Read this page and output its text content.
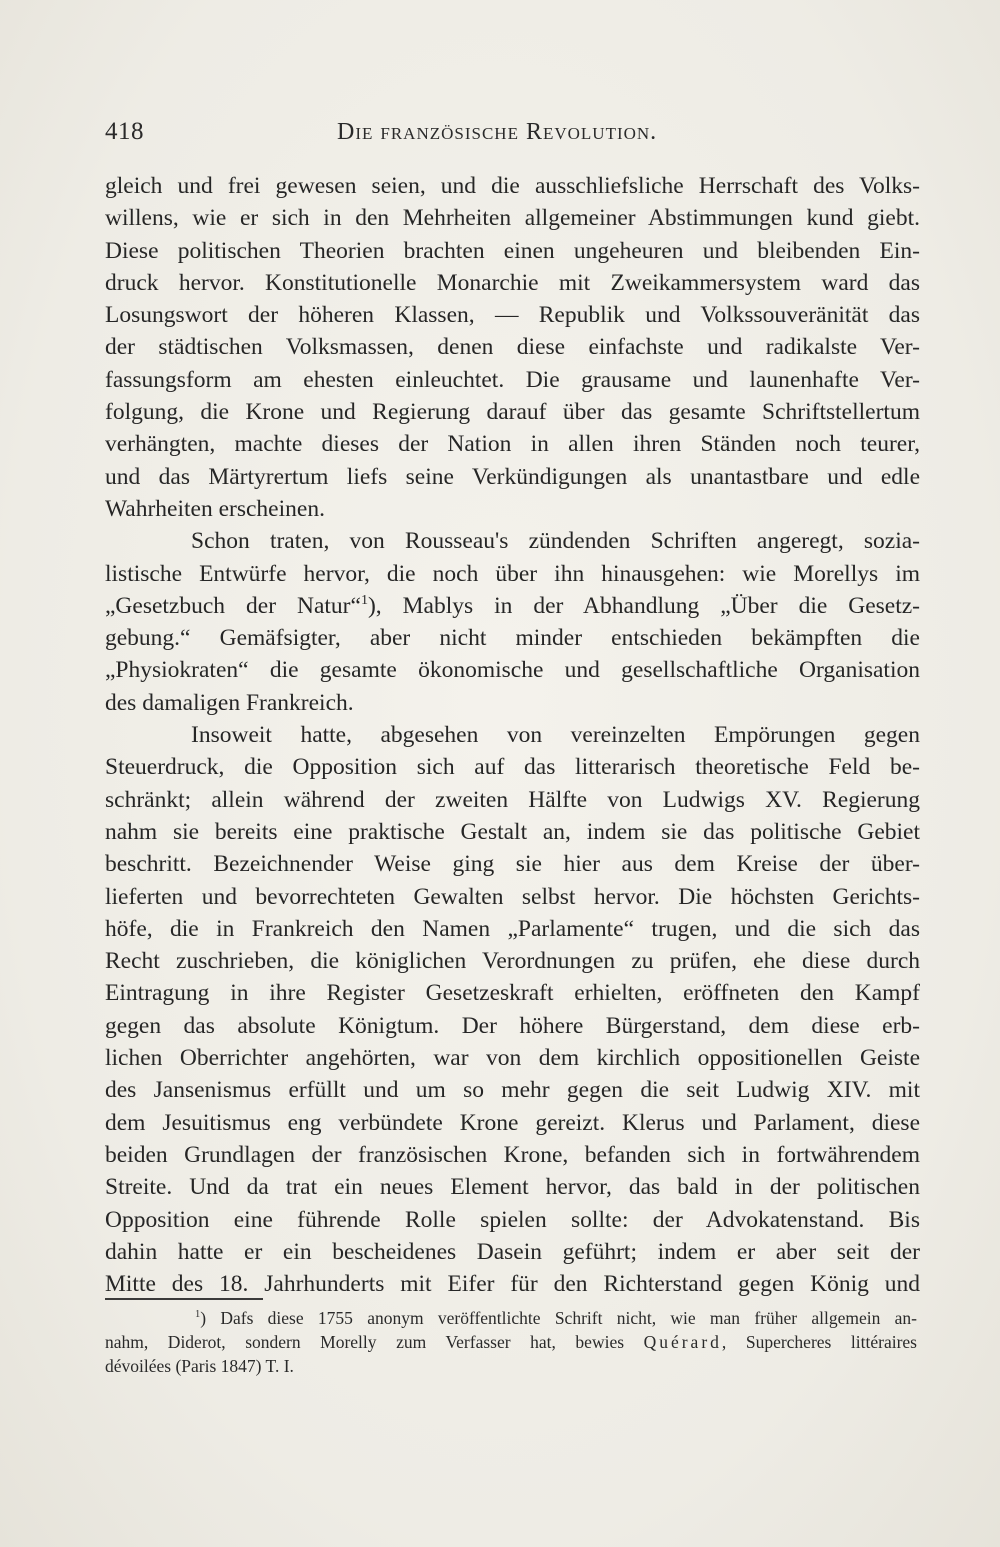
418	Die französische Revolution.
gleich und frei gewesen seien, und die ausschliefsliche Herrschaft des Volks-
willens, wie er sich in den Mehrheiten allgemeiner Abstimmungen kund giebt.
Diese politischen Theorien brachten einen ungeheuren und bleibenden Ein-
druck hervor. Konstitutionelle Monarchie mit Zweikammersystem ward das
Losungswort der höheren Klassen, — Republik und Volkssouveränität das
der städtischen Volksmassen, denen diese einfachste und radikalste Ver-
fassungsform am ehesten einleuchtet. Die grausame und launenhafte Ver-
folgung, die Krone und Regierung darauf über das gesamte Schriftstellertum
verhängten, machte dieses der Nation in allen ihren Ständen noch teurer,
und das Märtyrertum liefs seine Verkündigungen als unantastbare und edle
Wahrheiten erscheinen.
Schon traten, von Rousseau's zündenden Schriften angeregt, sozia-
listische Entwürfe hervor, die noch über ihn hinausgehen: wie Morellys im
„Gesetzbuch der Natur“$^1$), Mablys in der Abhandlung „Über die Gesetz-
gebung.“ Gemäfsigter, aber nicht minder entschieden bekämpften die
„Physiokraten“ die gesamte ökonomische und gesellschaftliche Organisation
des damaligen Frankreich.
Insoweit hatte, abgesehen von vereinzelten Empörungen gegen
Steuerdruck, die Opposition sich auf das litterarisch theoretische Feld be-
schränkt; allein während der zweiten Hälfte von Ludwigs XV. Regierung
nahm sie bereits eine praktische Gestalt an, indem sie das politische Gebiet
beschritt. Bezeichnender Weise ging sie hier aus dem Kreise der über-
lieferten und bevorrechteten Gewalten selbst hervor. Die höchsten Gerichts-
höfe, die in Frankreich den Namen „Parlamente“ trugen, und die sich das
Recht zuschrieben, die königlichen Verordnungen zu prüfen, ehe diese durch
Eintragung in ihre Register Gesetzeskraft erhielten, eröffneten den Kampf
gegen das absolute Königtum. Der höhere Bürgerstand, dem diese erb-
lichen Oberrichter angehörten, war von dem kirchlich oppositionellen Geiste
des Jansenismus erfüllt und um so mehr gegen die seit Ludwig XIV. mit
dem Jesuitismus eng verbündete Krone gereizt. Klerus und Parlament, diese
beiden Grundlagen der französischen Krone, befanden sich in fortwährendem
Streite. Und da trat ein neues Element hervor, das bald in der politischen
Opposition eine führende Rolle spielen sollte: der Advokatenstand. Bis
dahin hatte er ein bescheidenes Dasein geführt; indem er aber seit der
Mitte des 18. Jahrhunderts mit Eifer für den Richterstand gegen König und
$^1$) Dafs diese 1755 anonym veröffentlichte Schrift nicht, wie man früher allgemein an-
nahm, Diderot, sondern Morelly zum Verfasser hat, bewies Quérard, Supercheres littéraires
dévoilées (Paris 1847) T. I.
